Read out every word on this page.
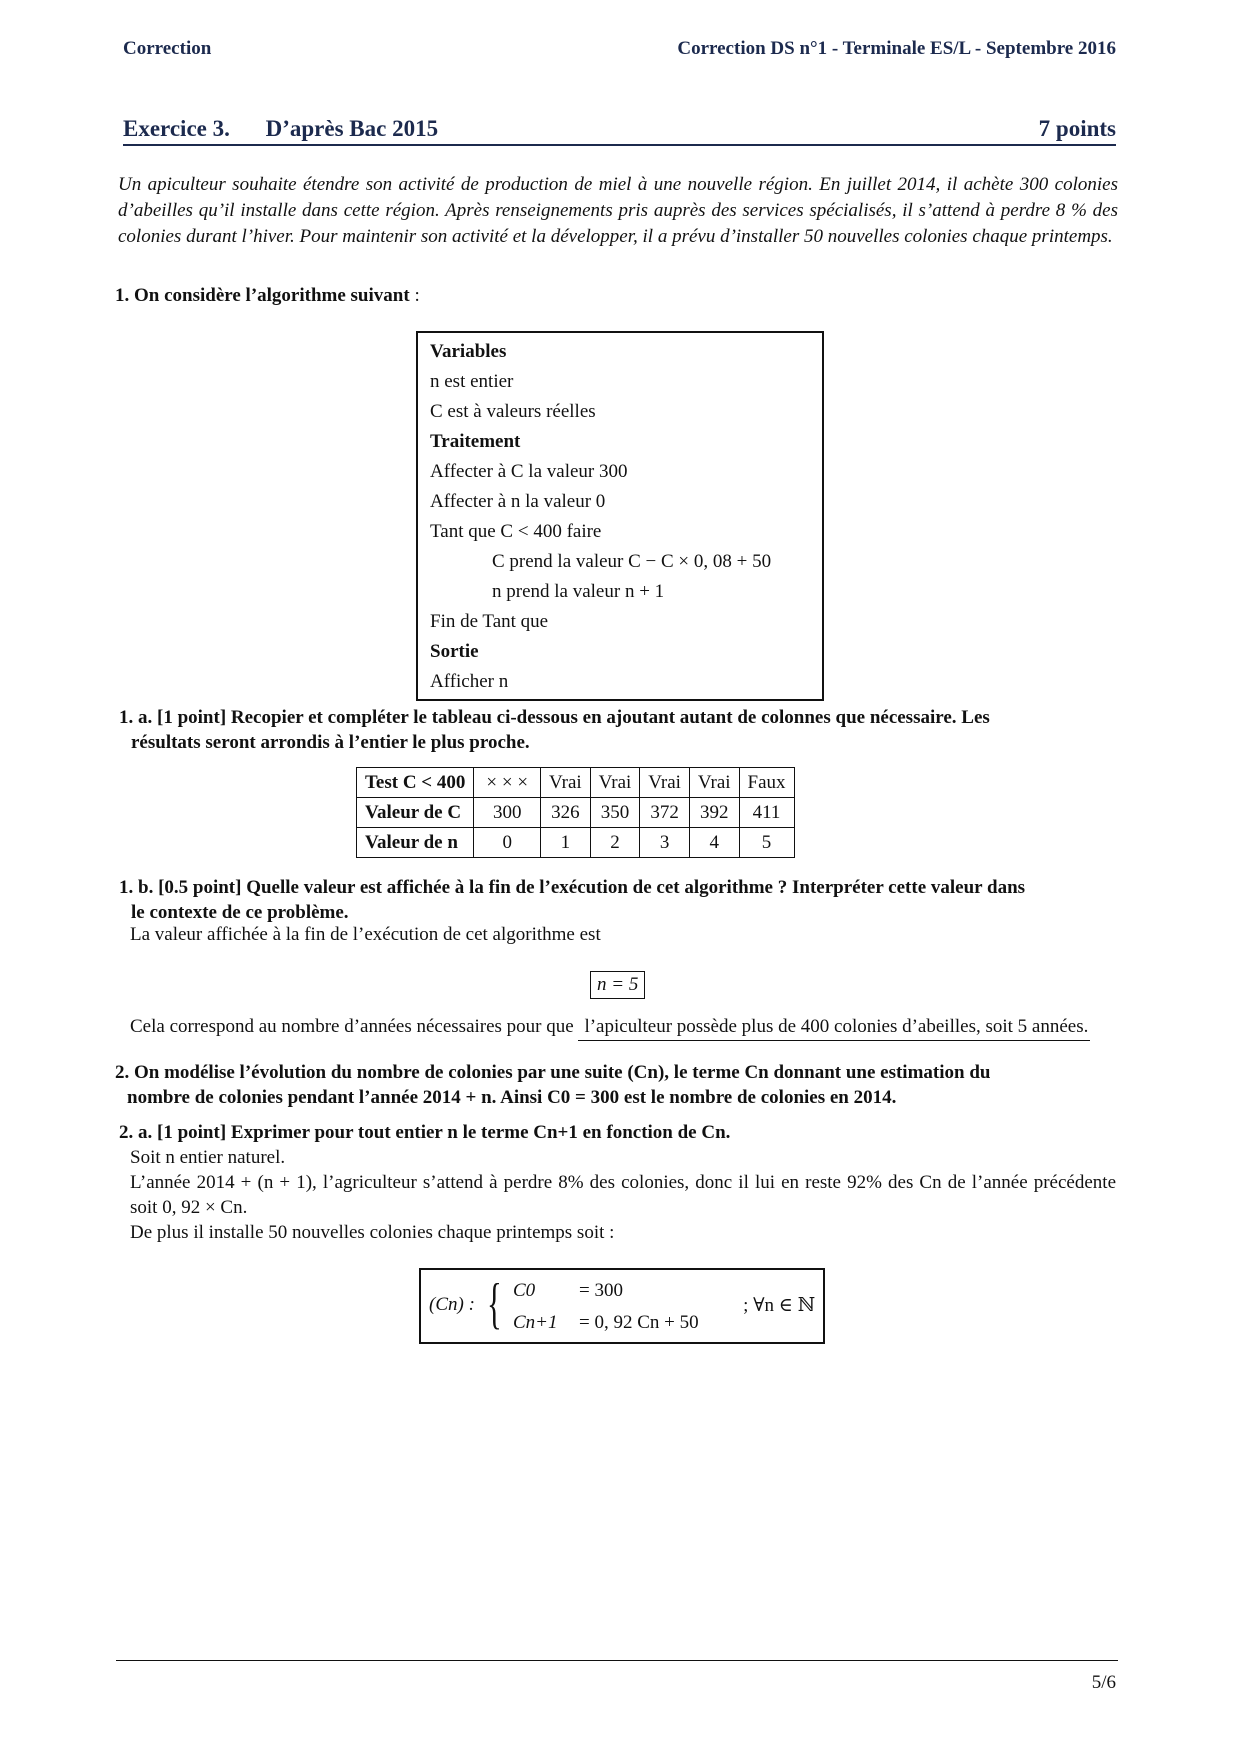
Correction	Correction DS n°1 - Terminale ES/L - Septembre 2016
Exercice 3. D’après Bac 2015	7 points
Un apiculteur souhaite étendre son activité de production de miel à une nouvelle région. En juillet 2014, il achète 300 colonies d’abeilles qu’il installe dans cette région. Après renseignements pris auprès des services spécialisés, il s’attend à perdre 8 % des colonies durant l’hiver. Pour maintenir son activité et la développer, il a prévu d’installer 50 nouvelles colonies chaque printemps.
1. On considère l’algorithme suivant :
Variables
n est entier
C est à valeurs réelles
Traitement
Affecter à C la valeur 300
Affecter à n la valeur 0
Tant que C < 400 faire
C prend la valeur C − C × 0, 08 + 50
n prend la valeur n + 1
Fin de Tant que
Sortie
Afficher n
1. a. [1 point] Recopier et compléter le tableau ci-dessous en ajoutant autant de colonnes que nécessaire. Les
résultats seront arrondis à l’entier le plus proche.
Test C < 400	× × ×	Vrai	Vrai	Vrai	Vrai	Faux
Valeur de C	300	326	350	372	392	411
Valeur de n	0	1	2	3	4	5
1. b. [0.5 point] Quelle valeur est affichée à la fin de l’exécution de cet algorithme ? Interpréter cette valeur dans
le contexte de ce problème.
La valeur affichée à la fin de l’exécution de cet algorithme est
n = 5
Cela correspond au nombre d’années nécessaires pour que l’apiculteur possède plus de 400 colonies d’abeilles, soit 5 années.
2. On modélise l’évolution du nombre de colonies par une suite (Cn), le terme Cn donnant une estimation du
nombre de colonies pendant l’année 2014 + n. Ainsi C0 = 300 est le nombre de colonies en 2014.
2. a. [1 point] Exprimer pour tout entier n le terme Cn+1 en fonction de Cn.
Soit n entier naturel.
L’année 2014 + (n + 1), l’agriculteur s’attend à perdre 8% des colonies, donc il lui en reste 92% des Cn de l’année précédente soit 0, 92 × Cn.
De plus il installe 50 nouvelles colonies chaque printemps soit :
(Cn) : { C0 = 300
Cn+1 = 0, 92 Cn + 50
; ∀n ∈ ℕ
5/6
